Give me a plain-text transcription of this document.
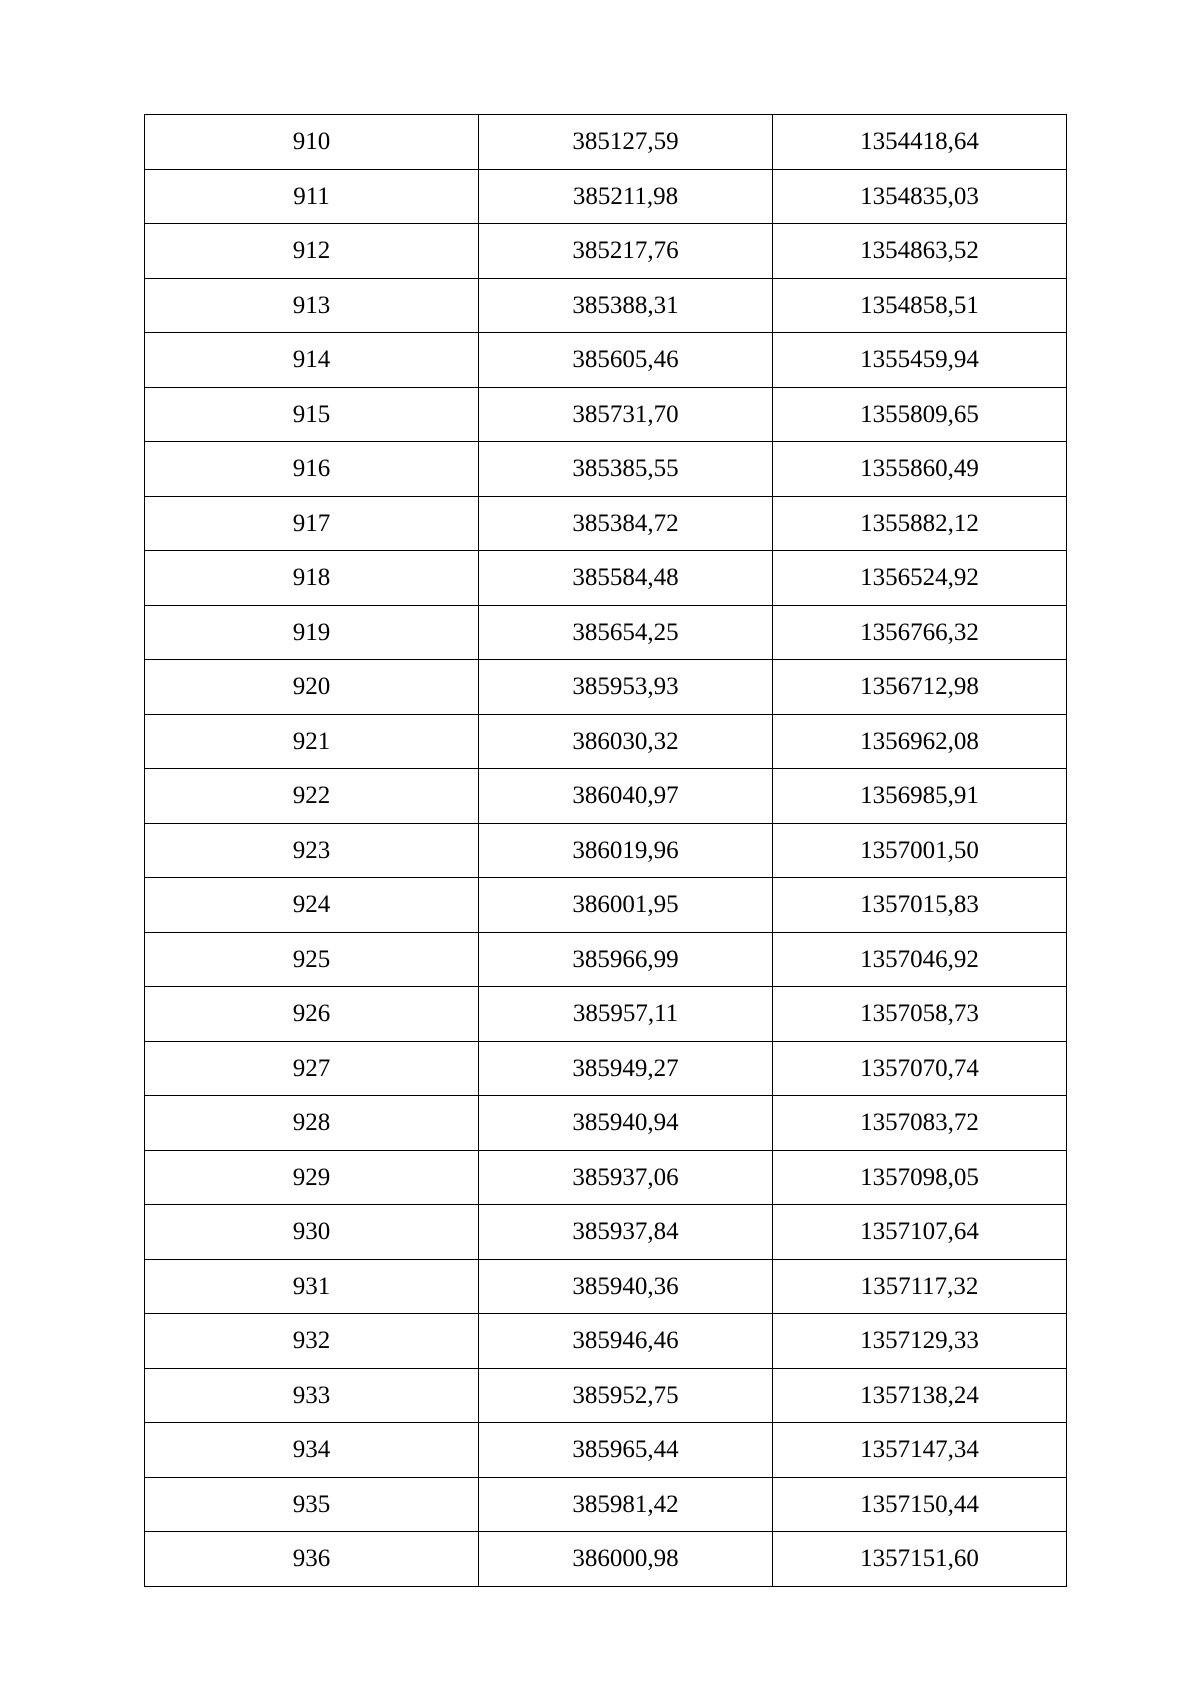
910	385127,59	1354418,64
911	385211,98	1354835,03
912	385217,76	1354863,52
913	385388,31	1354858,51
914	385605,46	1355459,94
915	385731,70	1355809,65
916	385385,55	1355860,49
917	385384,72	1355882,12
918	385584,48	1356524,92
919	385654,25	1356766,32
920	385953,93	1356712,98
921	386030,32	1356962,08
922	386040,97	1356985,91
923	386019,96	1357001,50
924	386001,95	1357015,83
925	385966,99	1357046,92
926	385957,11	1357058,73
927	385949,27	1357070,74
928	385940,94	1357083,72
929	385937,06	1357098,05
930	385937,84	1357107,64
931	385940,36	1357117,32
932	385946,46	1357129,33
933	385952,75	1357138,24
934	385965,44	1357147,34
935	385981,42	1357150,44
936	386000,98	1357151,60
